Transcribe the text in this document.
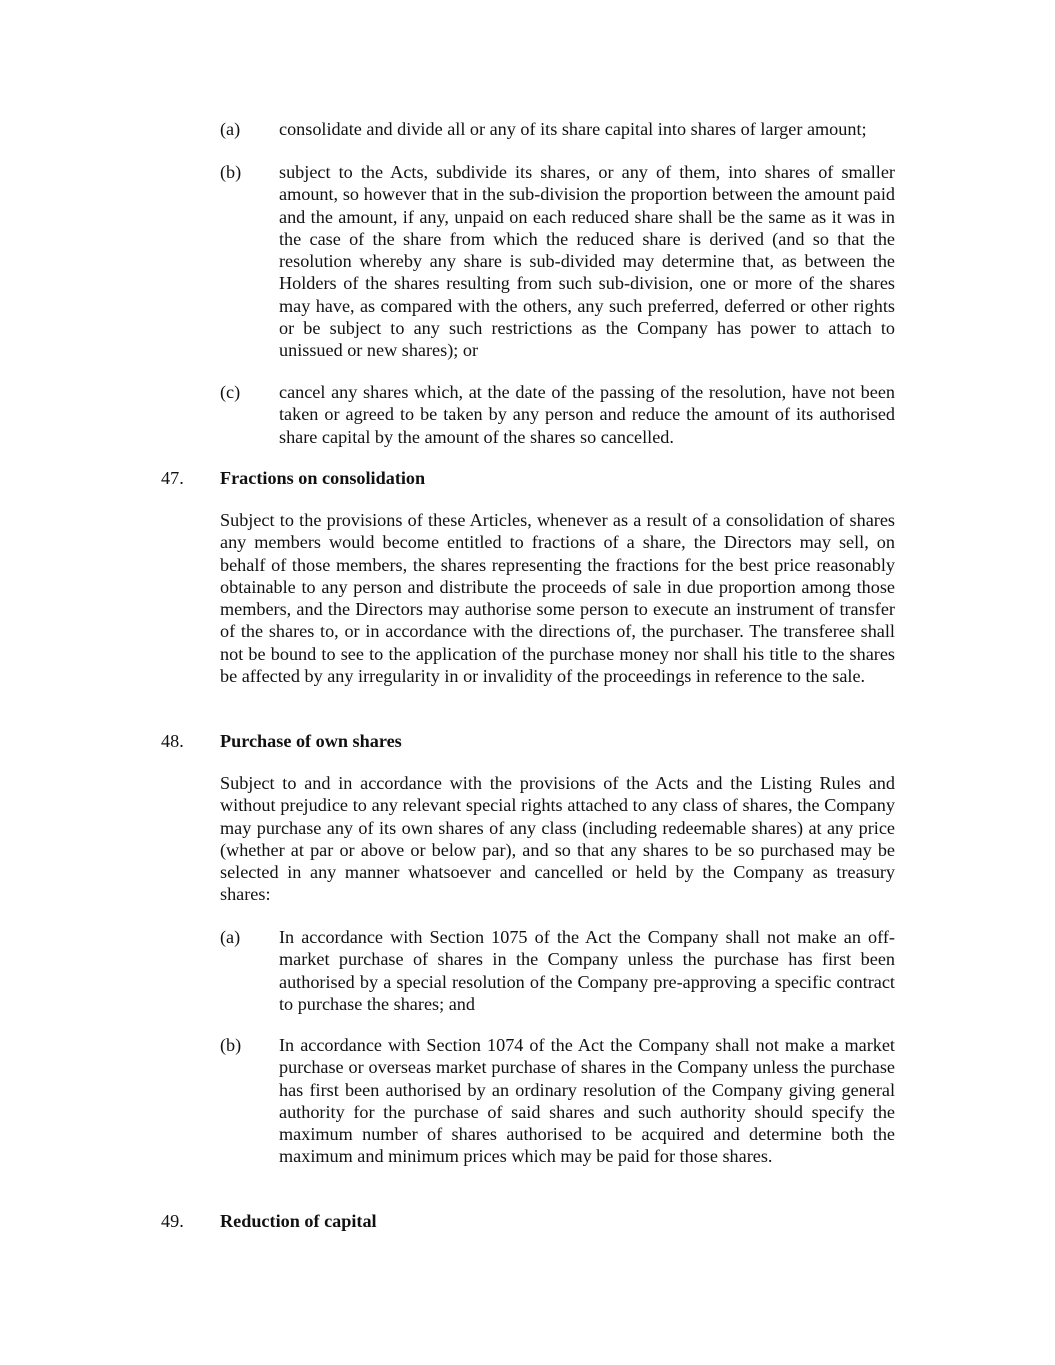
(a) consolidate and divide all or any of its share capital into shares of larger amount;
(b) subject to the Acts, subdivide its shares, or any of them, into shares of smaller amount, so however that in the sub-division the proportion between the amount paid and the amount, if any, unpaid on each reduced share shall be the same as it was in the case of the share from which the reduced share is derived (and so that the resolution whereby any share is sub-divided may determine that, as between the Holders of the shares resulting from such sub-division, one or more of the shares may have, as compared with the others, any such preferred, deferred or other rights or be subject to any such restrictions as the Company has power to attach to unissued or new shares); or
(c) cancel any shares which, at the date of the passing of the resolution, have not been taken or agreed to be taken by any person and reduce the amount of its authorised share capital by the amount of the shares so cancelled.
47. Fractions on consolidation
Subject to the provisions of these Articles, whenever as a result of a consolidation of shares any members would become entitled to fractions of a share, the Directors may sell, on behalf of those members, the shares representing the fractions for the best price reasonably obtainable to any person and distribute the proceeds of sale in due proportion among those members, and the Directors may authorise some person to execute an instrument of transfer of the shares to, or in accordance with the directions of, the purchaser. The transferee shall not be bound to see to the application of the purchase money nor shall his title to the shares be affected by any irregularity in or invalidity of the proceedings in reference to the sale.
48. Purchase of own shares
Subject to and in accordance with the provisions of the Acts and the Listing Rules and without prejudice to any relevant special rights attached to any class of shares, the Company may purchase any of its own shares of any class (including redeemable shares) at any price (whether at par or above or below par), and so that any shares to be so purchased may be selected in any manner whatsoever and cancelled or held by the Company as treasury shares:
(a) In accordance with Section 1075 of the Act the Company shall not make an off-market purchase of shares in the Company unless the purchase has first been authorised by a special resolution of the Company pre-approving a specific contract to purchase the shares; and
(b) In accordance with Section 1074 of the Act the Company shall not make a market purchase or overseas market purchase of shares in the Company unless the purchase has first been authorised by an ordinary resolution of the Company giving general authority for the purchase of said shares and such authority should specify the maximum number of shares authorised to be acquired and determine both the maximum and minimum prices which may be paid for those shares.
49. Reduction of capital
